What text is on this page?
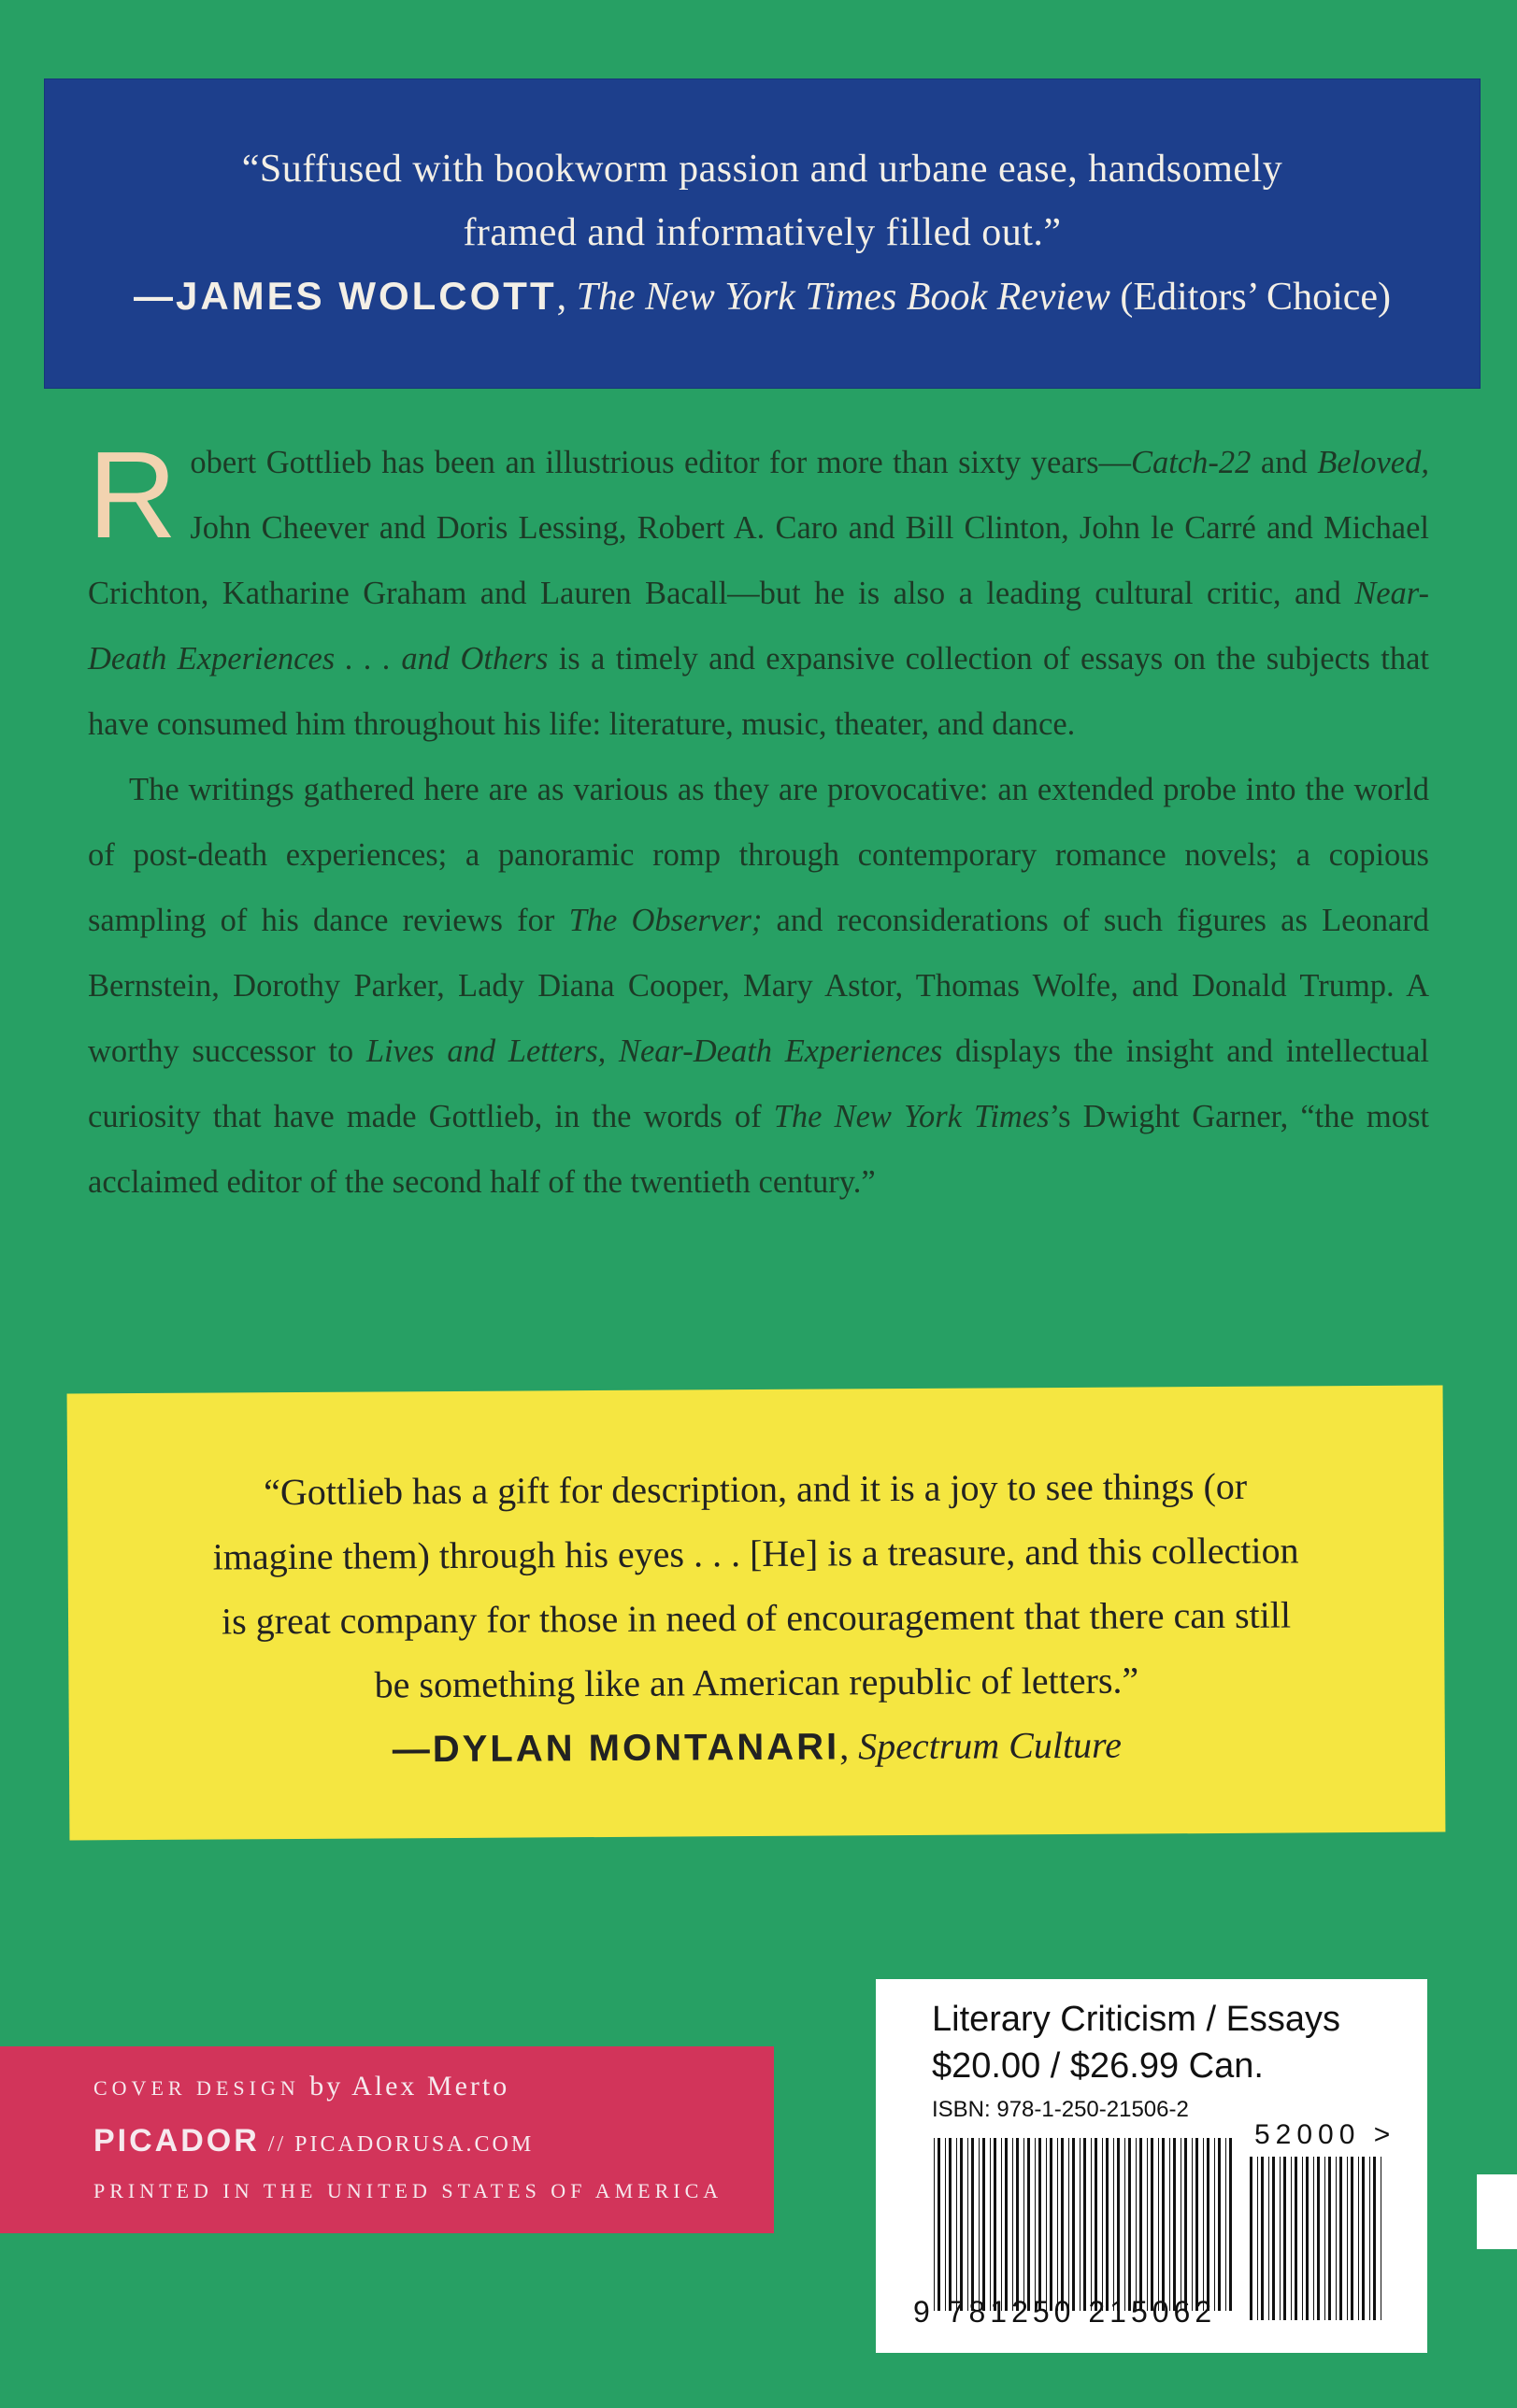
“Suffused with bookworm passion and urbane ease, handsomely
framed and informatively filled out.”
—JAMES WOLCOTT, The New York Times Book Review (Editors’ Choice)

Robert Gottlieb has been an illustrious editor for more than sixty years—Catch-22 and Beloved, John Cheever and Doris Lessing, Robert A. Caro and Bill Clinton, John le Carré and Michael Crichton, Katharine Graham and Lauren Bacall—but he is also a leading cultural critic, and Near-Death Experiences . . . and Others is a timely and expansive collection of essays on the subjects that have consumed him throughout his life: literature, music, theater, and dance.

The writings gathered here are as various as they are provocative: an extended probe into the world of post-death experiences; a panoramic romp through contemporary romance novels; a copious sampling of his dance reviews for The Observer; and reconsiderations of such figures as Leonard Bernstein, Dorothy Parker, Lady Diana Cooper, Mary Astor, Thomas Wolfe, and Donald Trump. A worthy successor to Lives and Letters, Near-Death Experiences displays the insight and intellectual curiosity that have made Gottlieb, in the words of The New York Times’s Dwight Garner, “the most acclaimed editor of the second half of the twentieth century.”

“Gottlieb has a gift for description, and it is a joy to see things (or
imagine them) through his eyes . . . [He] is a treasure, and this collection
is great company for those in need of encouragement that there can still
be something like an American republic of letters.”
—DYLAN MONTANARI, Spectrum Culture
COVER DESIGN by Alex Merto
PICADOR // PICADORUSA.COM
PRINTED IN THE UNITED STATES OF AMERICA
Literary Criticism / Essays
$20.00 / $26.99 Can.
ISBN: 978-1-250-21506-2
52000 >
9 781250 215062
